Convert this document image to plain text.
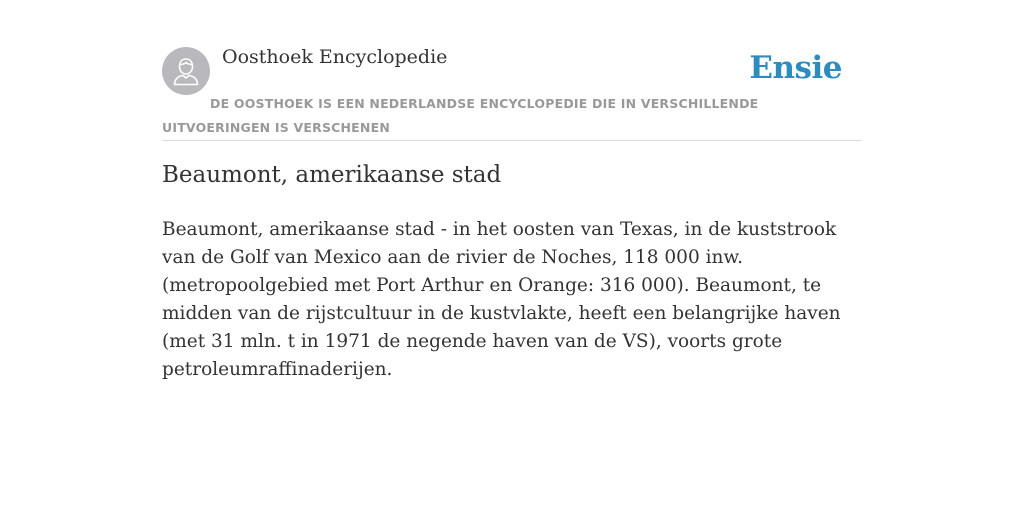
Oosthoek Encyclopedie	Ensie

DE OOSTHOEK IS EEN NEDERLANDSE ENCYCLOPEDIE DIE IN VERSCHILLENDE UITVOERINGEN IS VERSCHENEN

Beaumont, amerikaanse stad

Beaumont, amerikaanse stad - in het oosten van Texas, in de kuststrook van de Golf van Mexico aan de rivier de Noches, 118 000 inw. (metropoolgebied met Port Arthur en Orange: 316 000). Beaumont, te midden van de rijstcultuur in de kustvlakte, heeft een belangrijke haven (met 31 mln. t in 1971 de negende haven van de VS), voorts grote petroleumraffinaderijen.
